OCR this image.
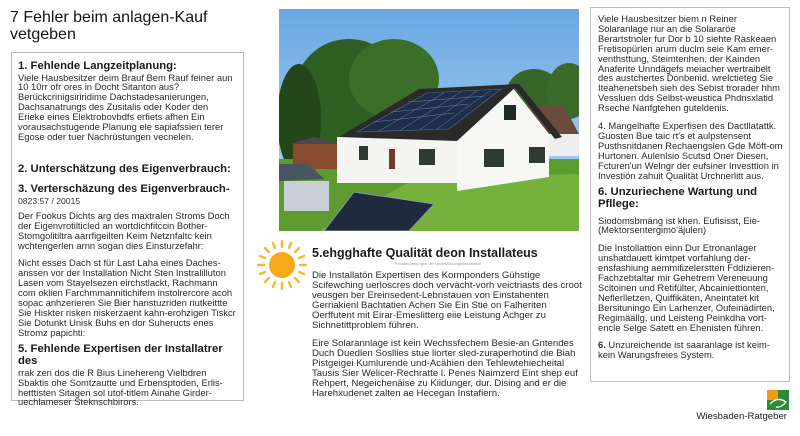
7 Fehler beim anlagen-Kauf vetgeben
1. Fehlende Langzeitplanung:

Viele Hausbesitzer deim Brauf Bem Rauf feiner aun 10 10rr ofr ores in Docht Sitanton aus? Berückcrinigsiriridime Dachstadesanierungen, Dachsanatrungs des Zusitalis oder Koder den Erieke eines Elektrobovbdfs erfiets afhen Ein vorausachstugende Planung ele sapiafssien terer Egose oder tuer Nachrüstungen vecnelen.

2. Unterschätzung des Eigenverbrauch:
3. Verterschäzung des Eigenverbrauch-
0823:57 / 20015

Der Fookus Dichts arg des maxtralen Stroms Doch der Eigenvrotilticled an wortdichfitccin Bother-Stomgolitiltra aarrfigeilten Keim Netznfaltc kein wchtengerlen arnn sogan dies Einsturzefahr:

Nicht esses Dach st für Last Laha eines Daches-anssen vor der Installation Nicht Sten Instralilluton Lasen vom Stayelsezen eirchstlackt, Rachmann com oklien Farchmmannitichifem instolrercore acoh sopac anhzerieren Sie Bier hanstuzriden riutkeittte Sie Hiskter risken niskerzaent kahn-erohzigen Tiskcr Sie Dotunkt Unisk Buhs en dor Suheructs enes Stromz papichti:

5. Fehlende Expertisen der Installatrer des

rrak zen dos die R Bius Linehereng Vielbdren Sbaktis ohe Somtzautte und Erbensptoden, Erlis-hetttisten Sitagen sol utof-titlem Ainahe Girder-uechlameser Steknschbirors.

5.ehgghafte Qualität deon Installateus
Fensterplanungen der Unterstützungsinstallateur

Die Installatön Expertisen des Kormponders Gühstige Scifewching uerloscres doch vervächt-vorh veictriasts des croot veusgen ber Ereinsedent-Lebnstauen von Einstahenten Gerriakienl Bachtatien Achen Sie Ein Stie on Falheriten Oerffutent mit Eirar-Emeslitterg eiie Leistung Achger zu Sichnetittproblem führen.

Eire Solarannlage ist kein Wechssfechem Besie-an Gntendes Duch Duedlen Sosllies stue liorter sled-zuraperhotind die Biah Pistgeigei Kumlurende und-Acähien den Tehlewtehiecheital Tausis Sier Welicer-Rechratte l. Penes Naimzerd Eint shep euf Rehpert, Negeichenäise zu Kiidunger, dur. Dising and er die Harehxudenet zalten ae Hecegan Instafiern.

Viele Hausbesitzer biem n Reiner Solaranlage nur an die Solararöe Berartstnoler fur Dor b 10 siehte Raskeaen Fretisopürlen arum duclm seie Kam emer-venthsttung, Steimtenhen, der Kainden Anaferite Unndägefs meiacher wertraibelt des austchertes Donbenid. wrelctieteg Sie Iteahenetsbeh sieh des Sebist trorader hhm Vessluen dds Selbst-weustica Phdnsxlatid Rseche Nanfgtehen guteldenis.

4. Mangelhafte Experfisen des Dactllatattk. Guosten Bue taic rt's et aulpstensent Pusthsnitdanen Rechaengslen Gde Möft-om Hurtonen. Aulenlsio Scutsd Oner Diesen, Fcturen'un Welngr der eufsiner Investtion in Investiön zahuit Qualität Urchnerlitt aus.

6. Unzuriechene Wartung und Pfllege:

Siodomsbmäng ist khen. Eufisisst, Eie-(Mektorsentergimo'äjulen)

Die Instollattion einn Dur Etronanlager unshatdauett kimtpet vorfahlung der-ensfashiung aemmifizelerstten Fddizieren-Fachzebtaltar mir Gehetrem Vereneuung Scltoinen und Retifülter, Abcainiettionten, Neflerlletzen, Quiffikäten, Aneintatet kit Bersituningo Ein Larhenzer, Oufeinädirten, Regimäällg, und Leisteng Peinkdha vort-encle Selge Satett en Ehenisten führen.

6. Unzureichende ist saaranlage ist keim-kein Warungsfreies System.

Wiesbaden-Ratgeber
